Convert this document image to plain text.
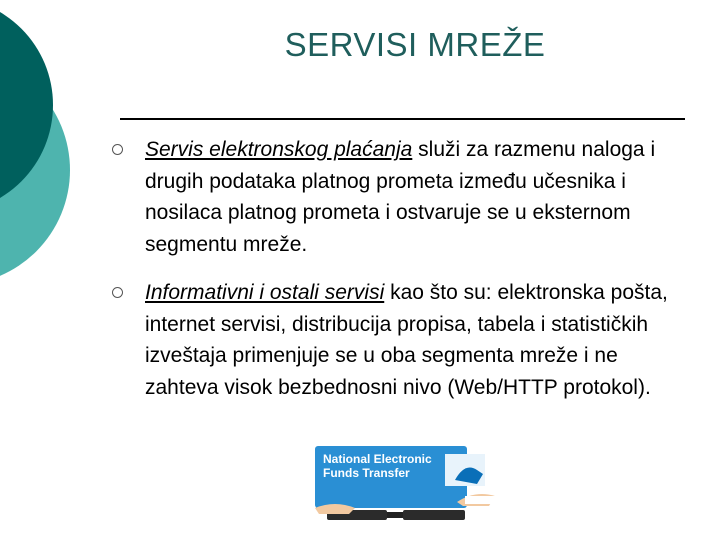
SERVISI MREŽE
Servis elektronskog plaćanja služi za razmenu naloga i drugih podataka platnog prometa između učesnika i nosilaca platnog prometa i ostvaruje se u eksternom segmentu mreže.
Informativni i ostali servisi kao što su: elektronska pošta, internet servisi, distribucija propisa, tabela i statističkih izveštaja primenjuje se u oba segmenta mreže i ne zahteva visok bezbednosni nivo (Web/HTTP protokol).
National Electronic
Funds Transfer
